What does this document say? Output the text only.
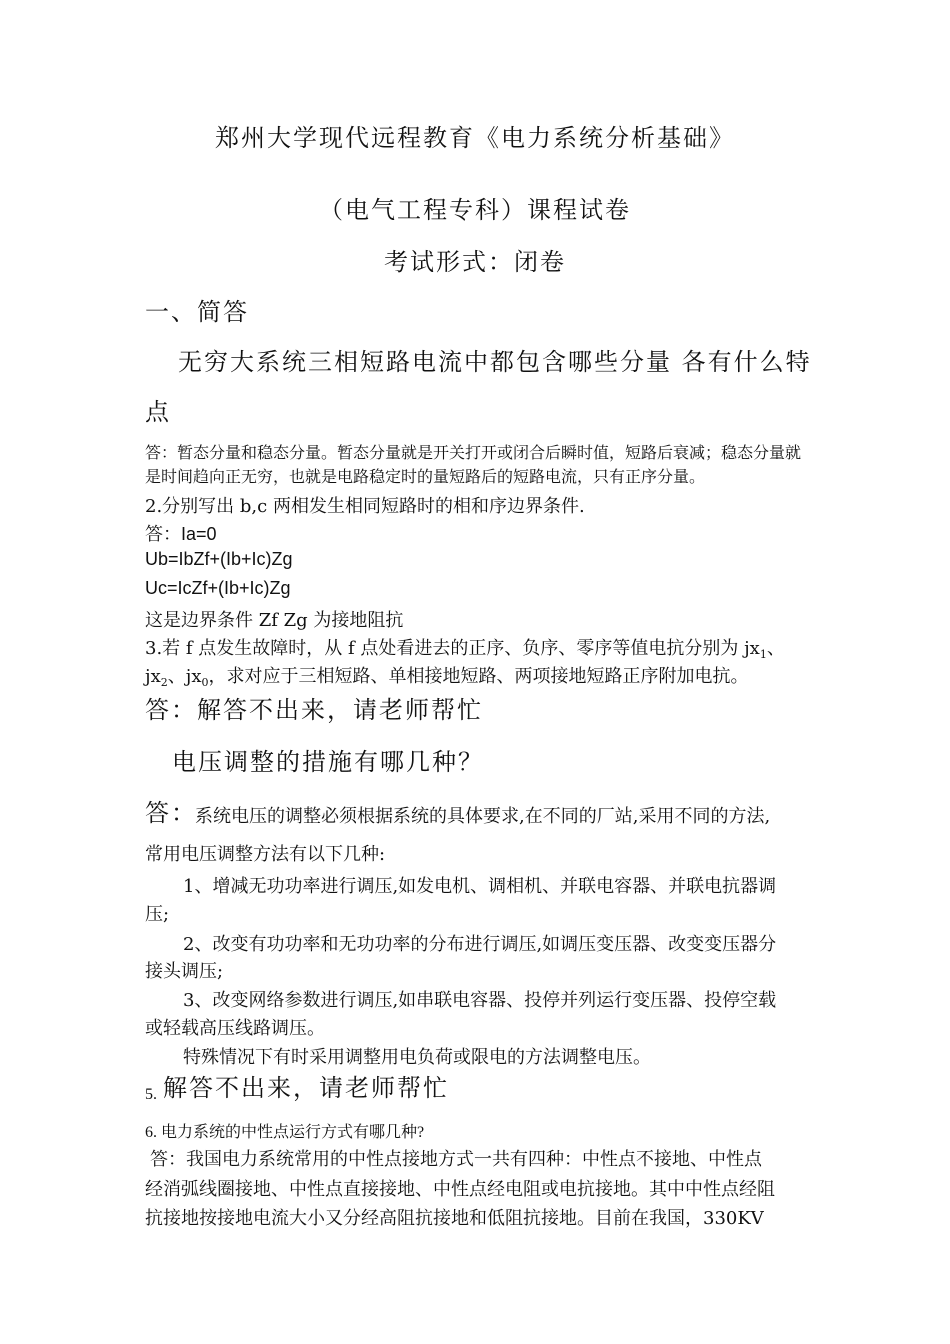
郑州大学现代远程教育《电力系统分析基础》
（电气工程专科）课程试卷
考试形式：闭卷
一、简答
无穷大系统三相短路电流中都包含哪些分量 各有什么特
点
答：暂态分量和稳态分量。暂态分量就是开关打开或闭合后瞬时值，短路后衰减；稳态分量就
是时间趋向正无穷，也就是电路稳定时的量短路后的短路电流，只有正序分量。
2.分别写出 b,c 两相发生相同短路时的相和序边界条件.
答：Ia=0
Ub=IbZf+(Ib+Ic)Zg
Uc=IcZf+(Ib+Ic)Zg
这是边界条件 Zf Zg 为接地阻抗
3.若 f 点发生故障时，从 f 点处看进去的正序、负序、零序等值电抗分别为 $jx_1$、
$jx_2$、$jx_0$，求对应于三相短路、单相接地短路、两项接地短路正序附加电抗。
答：解答不出来，请老师帮忙
电压调整的措施有哪几种？
答：
系统电压的调整必须根据系统的具体要求,在不同的厂站,采用不同的方法,
常用电压调整方法有以下几种:
1、增减无功功率进行调压,如发电机、调相机、并联电容器、并联电抗器调
压;
2、改变有功功率和无功功率的分布进行调压,如调压变压器、改变变压器分
接头调压;
3、改变网络参数进行调压,如串联电容器、投停并列运行变压器、投停空载
或轻载高压线路调压。
特殊情况下有时采用调整用电负荷或限电的方法调整电压。
5. 解答不出来，请老师帮忙
6. 电力系统的中性点运行方式有哪几种?
答：我国电力系统常用的中性点接地方式一共有四种：中性点不接地、中性点
经消弧线圈接地、中性点直接接地、中性点经电阻或电抗接地。其中中性点经阻
抗接地按接地电流大小又分经高阻抗接地和低阻抗接地。目前在我国，330KV
